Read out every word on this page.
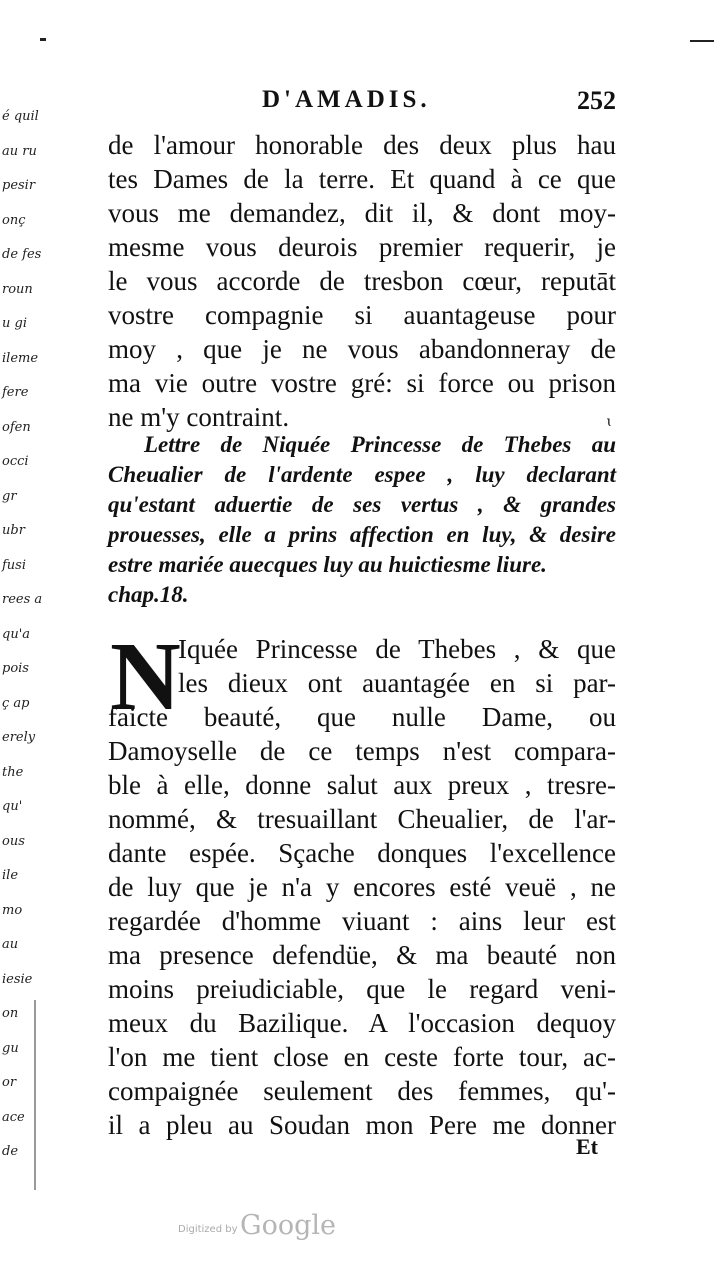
é quil
au ru
pesir
onç
de fes
roun
u gi
ileme
fere
ofen
occi
gr
ubr
fusi
rees a
qu'a
pois
ç ap
erely
the
qu'
ous
ile
mo
au
iesie
on
gu
or
ace
de
D'AMADIS.	252
de l'amour honorable des deux plus hau
tes Dames de la terre. Et quand à ce que
vous me demandez, dit il, & dont moy-
mesme vous deurois premier requerir, je
le vous accorde de tresbon cœur, reputāt
vostre compagnie si auantageuse pour
moy , que je ne vous abandonneray de
ma vie outre vostre gré: si force ou prison
ne m'y contraint.	ɩ
Lettre de Niquée Princesse de Thebes au
Cheualier de l'ardente espee , luy declarant
qu'estant aduertie de ses vertus , & grandes
prouesses, elle a prins affection en luy, & desire
estre mariée auecques luy au huictiesme liure.
chap.18.
N
Iquée Princesse de Thebes , & que
les dieux ont auantagée en si par-
faicte beauté, que nulle Dame, ou
Damoyselle de ce temps n'est compara-
ble à elle, donne salut aux preux , tresre-
nommé, & tresuaillant Cheualier, de l'ar-
dante espée. Sçache donques l'excellence
de luy que je n'a y encores esté veuë , ne
regardée d'homme viuant : ains leur est
ma presence defendüe, & ma beauté non
moins preiudiciable, que le regard veni-
meux du Bazilique. A l'occasion dequoy
l'on me tient close en ceste forte tour, ac-
compaignée seulement des femmes, qu'-
il a pleu au Soudan mon Pere me donner
Et
Digitized by Google
